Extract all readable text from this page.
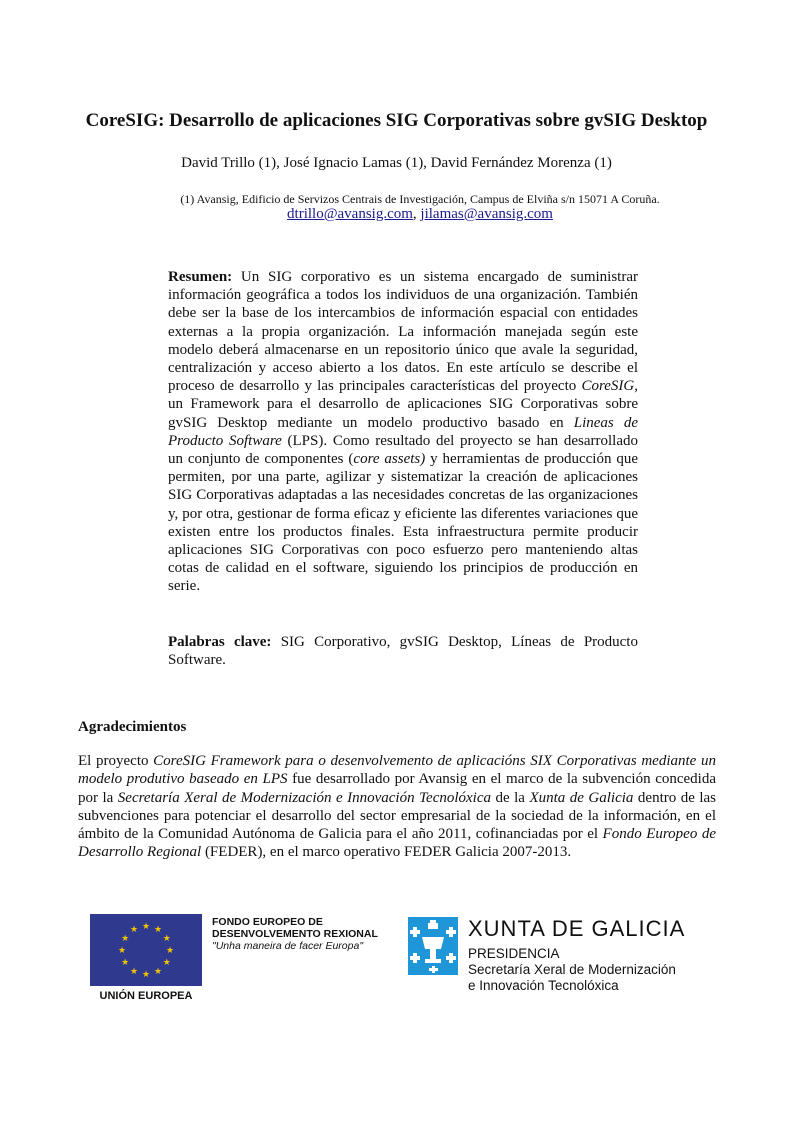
CoreSIG: Desarrollo de aplicaciones SIG Corporativas sobre gvSIG Desktop
David Trillo (1), José Ignacio Lamas (1), David Fernández Morenza (1)
(1) Avansig, Edificio de Servizos Centrais de Investigación, Campus de Elviña s/n 15071 A Coruña.
dtrillo@avansig.com, jilamas@avansig.com

Resumen: Un SIG corporativo es un sistema encargado de suministrar información geográfica a todos los individuos de una organización. También debe ser la base de los intercambios de información espacial con entidades externas a la propia organización. La información manejada según este modelo deberá almacenarse en un repositorio único que avale la seguridad, centralización y acceso abierto a los datos. En este artículo se describe el proceso de desarrollo y las principales características del proyecto CoreSIG, un Framework para el desarrollo de aplicaciones SIG Corporativas sobre gvSIG Desktop mediante un modelo productivo basado en Lineas de Producto Software (LPS). Como resultado del proyecto se han desarrollado un conjunto de componentes (core assets) y herramientas de producción que permiten, por una parte, agilizar y sistematizar la creación de aplicaciones SIG Corporativas adaptadas a las necesidades concretas de las organizaciones y, por otra, gestionar de forma eficaz y eficiente las diferentes variaciones que existen entre los productos finales. Esta infraestructura permite producir aplicaciones SIG Corporativas con poco esfuerzo pero manteniendo altas cotas de calidad en el software, siguiendo los principios de producción en serie.

Palabras clave: SIG Corporativo, gvSIG Desktop, Líneas de Producto Software.

Agradecimientos

El proyecto CoreSIG Framework para o desenvolvemento de aplicacións SIX Corporativas mediante un modelo produtivo baseado en LPS fue desarrollado por Avansig en el marco de la subvención concedida por la Secretaría Xeral de Modernización e Innovación Tecnolóxica de la Xunta de Galicia dentro de las subvenciones para potenciar el desarrollo del sector empresarial de la sociedad de la información, en el ámbito de la Comunidad Autónoma de Galicia para el año 2011, cofinanciadas por el Fondo Europeo de Desarrollo Regional (FEDER), en el marco operativo FEDER Galicia 2007-2013.

★ ★
★
★
★
★
★
★
★
★
★
★
UNIÓN EUROPEA
FONDO EUROPEO DE
DESENVOLVEMENTO REXIONAL
"Unha maneira de facer Europa"
XUNTA DE GALICIA
PRESIDENCIA
Secretaría Xeral de Modernización
e Innovación Tecnolóxica
